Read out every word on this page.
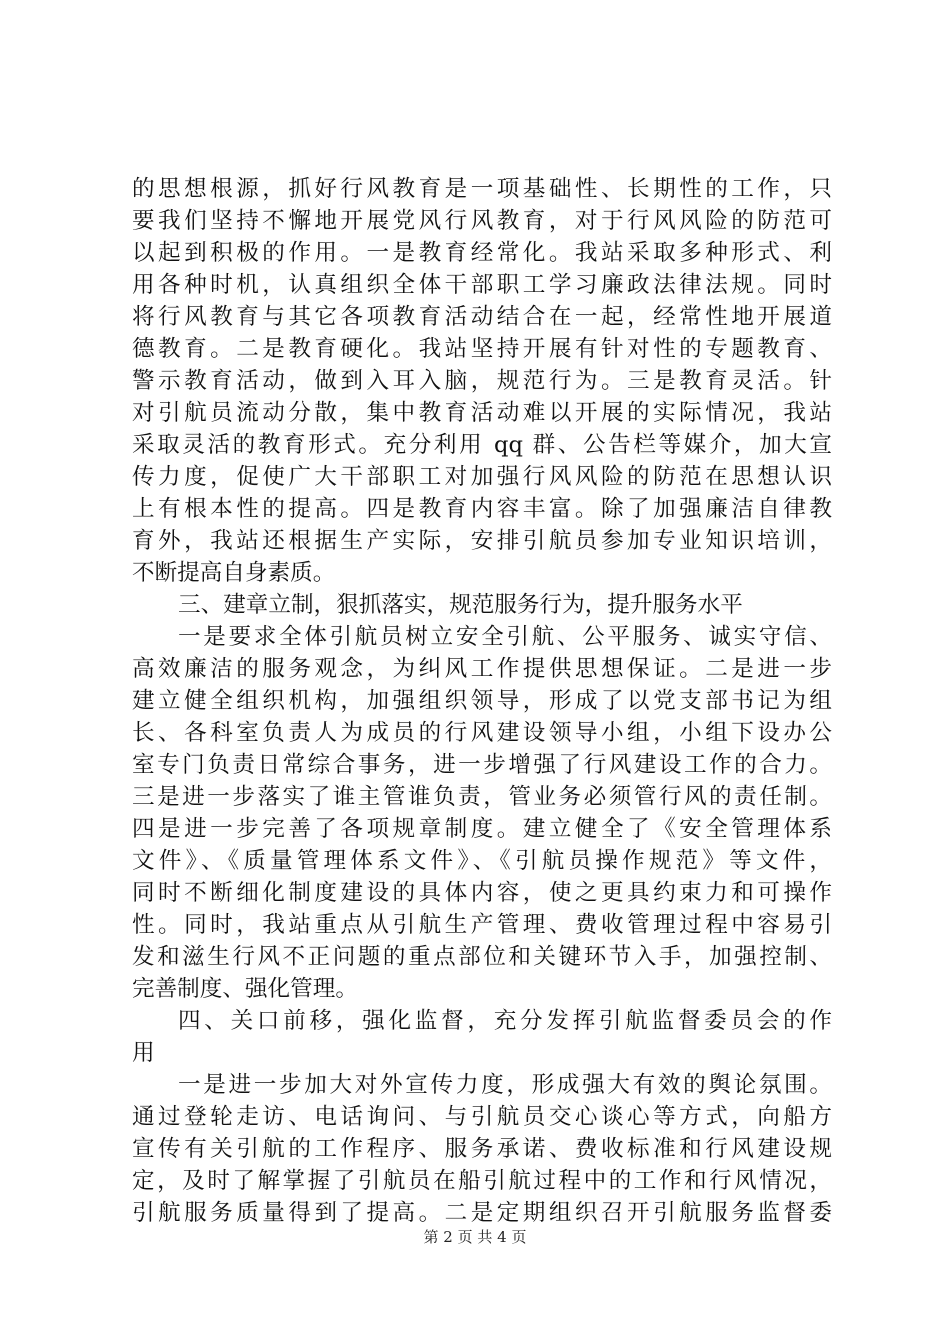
的思想根源，抓好行风教育是一项基础性、长期性的工作，只
要我们坚持不懈地开展党风行风教育，对于行风风险的防范可
以起到积极的作用。一是教育经常化。我站采取多种形式、利
用各种时机，认真组织全体干部职工学习廉政法律法规。同时
将行风教育与其它各项教育活动结合在一起，经常性地开展道
德教育。二是教育硬化。我站坚持开展有针对性的专题教育、
警示教育活动，做到入耳入脑，规范行为。三是教育灵活。针
对引航员流动分散，集中教育活动难以开展的实际情况，我站
采取灵活的教育形式。充分利用 qq 群、公告栏等媒介，加大宣
传力度，促使广大干部职工对加强行风风险的防范在思想认识
上有根本性的提高。四是教育内容丰富。除了加强廉洁自律教
育外，我站还根据生产实际，安排引航员参加专业知识培训，
不断提高自身素质。
三、建章立制，狠抓落实，规范服务行为，提升服务水平
一是要求全体引航员树立安全引航、公平服务、诚实守信、
高效廉洁的服务观念，为纠风工作提供思想保证。二是进一步
建立健全组织机构，加强组织领导，形成了以党支部书记为组
长、各科室负责人为成员的行风建设领导小组，小组下设办公
室专门负责日常综合事务，进一步增强了行风建设工作的合力。
三是进一步落实了谁主管谁负责，管业务必须管行风的责任制。
四是进一步完善了各项规章制度。建立健全了《安全管理体系
文件》、《质量管理体系文件》、《引航员操作规范》等文件，
同时不断细化制度建设的具体内容，使之更具约束力和可操作
性。同时，我站重点从引航生产管理、费收管理过程中容易引
发和滋生行风不正问题的重点部位和关键环节入手，加强控制、
完善制度、强化管理。
四、关口前移，强化监督，充分发挥引航监督委员会的作
用
一是进一步加大对外宣传力度，形成强大有效的舆论氛围。
通过登轮走访、电话询问、与引航员交心谈心等方式，向船方
宣传有关引航的工作程序、服务承诺、费收标准和行风建设规
定，及时了解掌握了引航员在船引航过程中的工作和行风情况，
引航服务质量得到了提高。二是定期组织召开引航服务监督委
第 2 页 共 4 页
